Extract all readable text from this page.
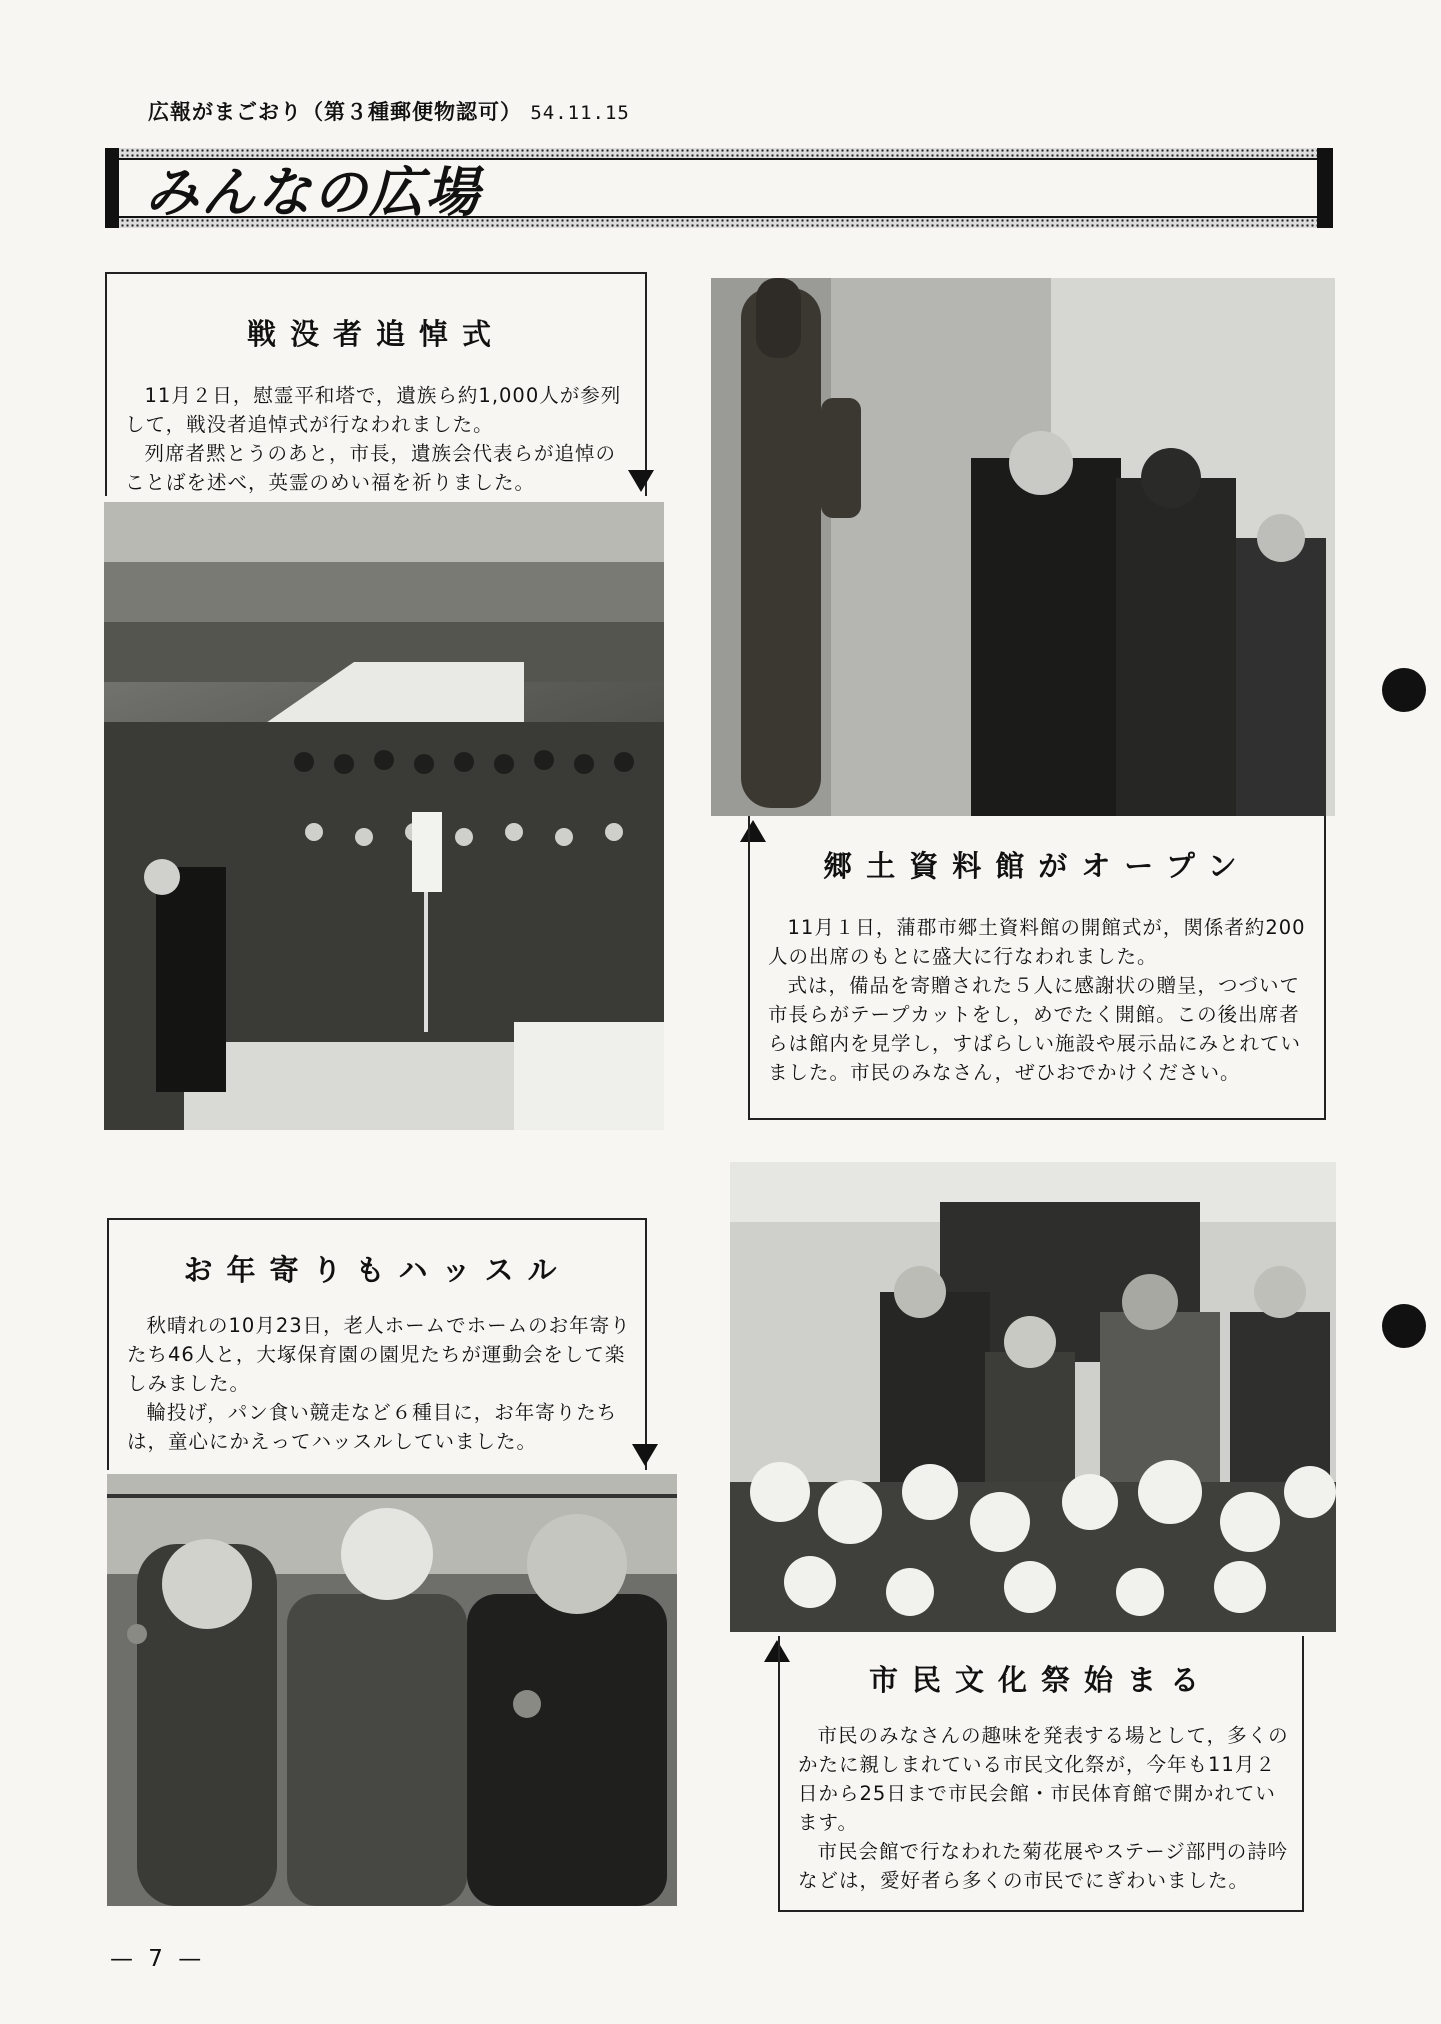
広報がまごおり（第３種郵便物認可） 54.11.15
みんなの広場
戦没者追悼式

11月２日，慰霊平和塔で，遺族ら約1,000人が参列して，戦没者追悼式が行なわれました。

列席者黙とうのあと，市長，遺族会代表らが追悼のことばを述べ，英霊のめい福を祈りました。

郷土資料館がオープン

11月１日，蒲郡市郷土資料館の開館式が，関係者約200人の出席のもとに盛大に行なわれました。

式は，備品を寄贈された５人に感謝状の贈呈，つづいて市長らがテープカットをし，めでたく開館。この後出席者らは館内を見学し，すばらしい施設や展示品にみとれていました。市民のみなさん，ぜひおでかけください。

お年寄りもハッスル

秋晴れの10月23日，老人ホームでホームのお年寄りたち46人と，大塚保育園の園児たちが運動会をして楽しみました。

輪投げ，パン食い競走など６種目に，お年寄りたちは，童心にかえってハッスルしていました。

市民文化祭始まる

市民のみなさんの趣味を発表する場として，多くのかたに親しまれている市民文化祭が，今年も11月２日から25日まで市民会館・市民体育館で開かれています。

市民会館で行なわれた菊花展やステージ部門の詩吟などは，愛好者ら多くの市民でにぎわいました。

— 7 —
